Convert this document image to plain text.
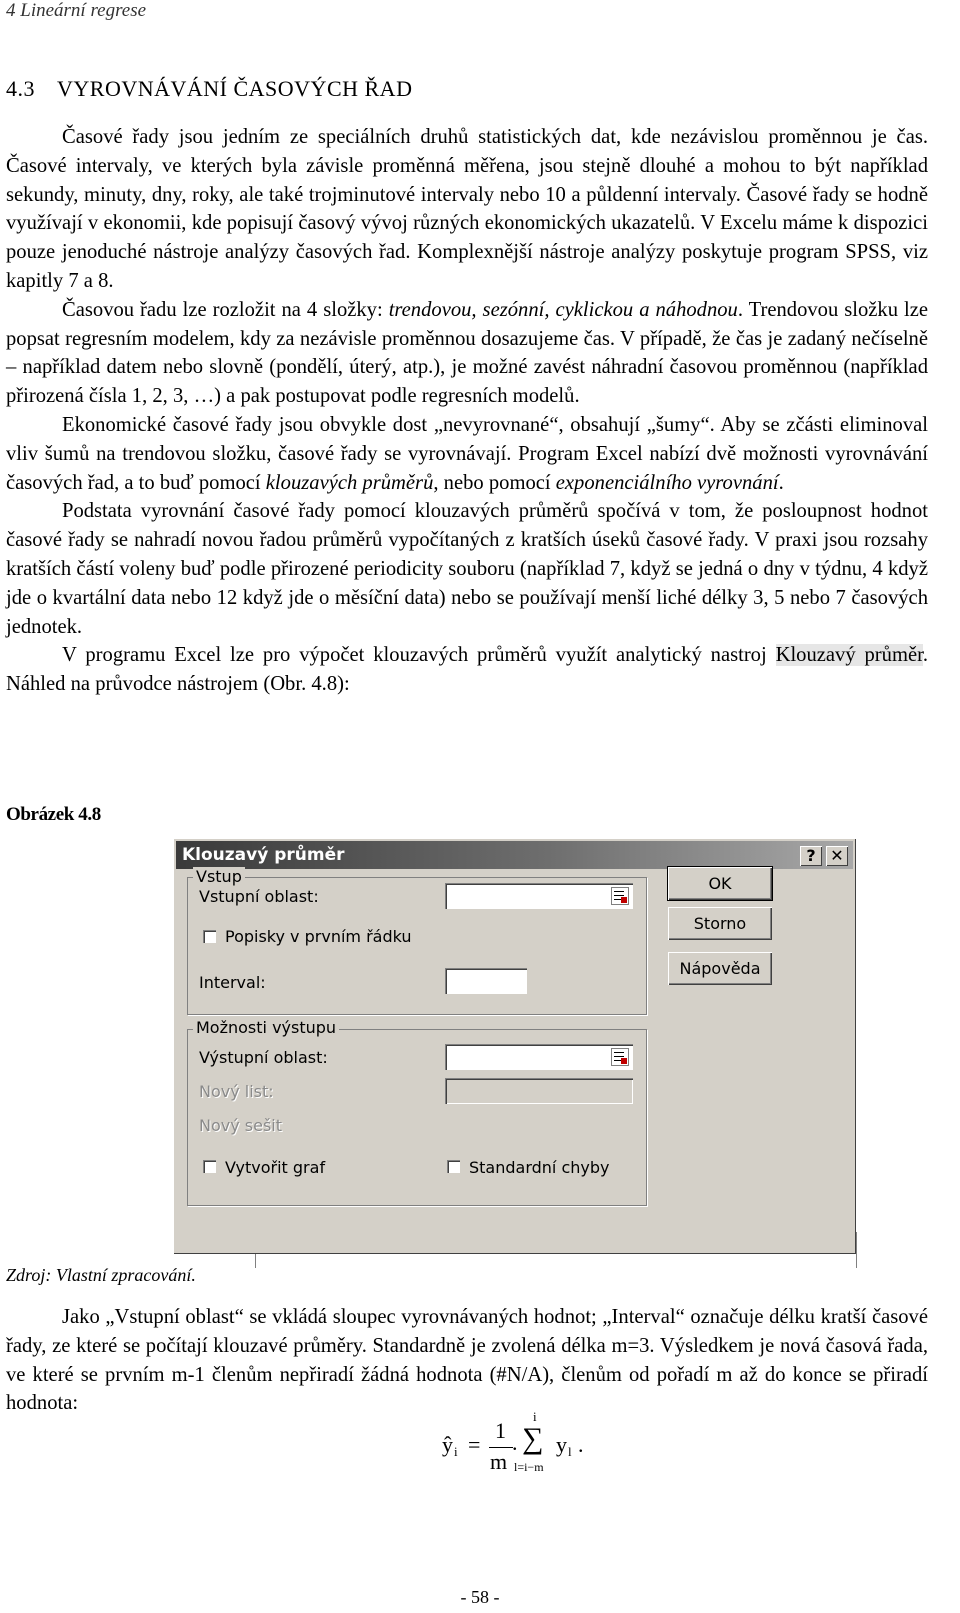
4 Lineární regrese
4.3 VYROVNÁVÁNÍ ČASOVÝCH ŘAD

Časové řady jsou jedním ze speciálních druhů statistických dat, kde nezávislou proměnnou je čas. Časové intervaly, ve kterých byla závisle proměnná měřena, jsou stejně dlouhé a mohou to být například sekundy, minuty, dny, roky, ale také trojminutové intervaly nebo 10 a půldenní intervaly. Časové řady se hodně využívají v ekonomii, kde popisují časový vývoj různých ekonomických ukazatelů. V Excelu máme k dispozici pouze jenoduché nástroje analýzy časových řad. Komplexnější nástroje analýzy poskytuje program SPSS, viz kapitly 7 a 8.

Časovou řadu lze rozložit na 4 složky: trendovou, sezónní, cyklickou a náhodnou. Trendovou složku lze popsat regresním modelem, kdy za nezávisle proměnnou dosazujeme čas. V případě, že čas je zadaný nečíselně – například datem nebo slovně (pondělí, úterý, atp.), je možné zavést náhradní časovou proměnnou (například přirozená čísla 1, 2, 3, …) a pak postupovat podle regresních modelů.

Ekonomické časové řady jsou obvykle dost „nevyrovnané“, obsahují „šumy“. Aby se zčásti eliminoval vliv šumů na trendovou složku, časové řady se vyrovnávají. Program Excel nabízí dvě možnosti vyrovnávání časových řad, a to buď pomocí klouzavých průměrů, nebo pomocí exponenciálního vyrovnání.

Podstata vyrovnání časové řady pomocí klouzavých průměrů spočívá v tom, že posloupnost hodnot časové řady se nahradí novou řadou průměrů vypočítaných z kratších úseků časové řady. V praxi jsou rozsahy kratších částí voleny buď podle přirozené periodicity souboru (například 7, když se jedná o dny v týdnu, 4 když jde o kvartální data nebo 12 když jde o měsíční data) nebo se používají menší liché délky 3, 5 nebo 7 časových jednotek.

V programu Excel lze pro výpočet klouzavých průměrů využít analytický nastroj Klouzavý průměr. Náhled na průvodce nástrojem (Obr. 4.8):

Obrázek 4.8
Klouzavý průměr	? ✕
Vstup
Vstupní oblast:
Popisky v prvním řádku
Interval:
Možnosti výstupu
Výstupní oblast:
Nový list:
Nový sešit
Vytvořit graf	Standardní chyby
OK
Storno
Nápověda
Zdroj: Vlastní zpracování.

Jako „Vstupní oblast“ se vkládá sloupec vyrovnávaných hodnot; „Interval“ označuje délku kratší časové řady, ze které se počítají klouzavé průměry. Standardně je zvolená délka m=3. Výsledkem je nová časová řada, ve které se prvním m-1 členům nepřiradí žádná hodnota (#N/A), členům od pořadí m až do konce se přiradí hodnota:

ŷ i =
1
m
.
i
∑
l=i−m
y l .
- 58 -
